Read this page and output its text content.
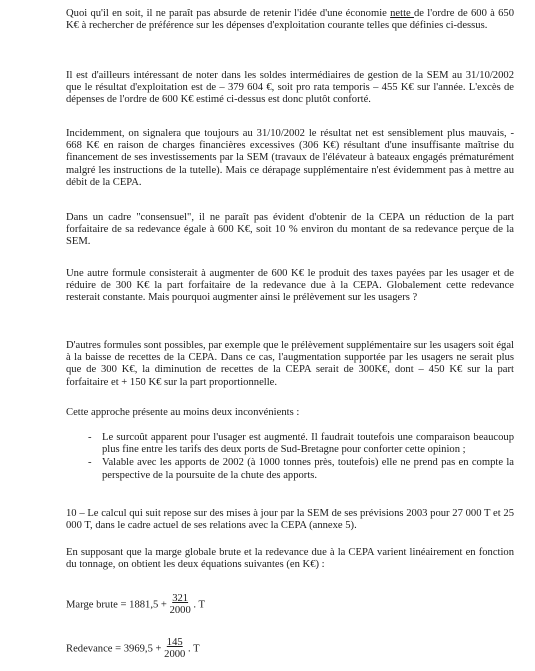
Quoi qu'il en soit, il ne paraît pas absurde de retenir l'idée d'une économie nette de l'ordre de 600 à 650 K€ à rechercher de préférence sur les dépenses d'exploitation courante telles que définies ci-dessus.

Il est d'ailleurs intéressant de noter dans les soldes intermédiaires de gestion de la SEM au 31/10/2002 que le résultat d'exploitation est de – 379 604 €, soit pro rata temporis – 455 K€ sur l'année. L'excès de dépenses de l'ordre de 600 K€ estimé ci-dessus est donc plutôt conforté.

Incidemment, on signalera que toujours au 31/10/2002 le résultat net est sensiblement plus mauvais, - 668 K€ en raison de charges financières excessives (306 K€) résultant d'une insuffisante maîtrise du financement de ses investissements par la SEM (travaux de l'élévateur à bateaux engagés prématurément malgré les instructions de la tutelle). Mais ce dérapage supplémentaire n'est évidemment pas à mettre au débit de la CEPA.

Dans un cadre "consensuel", il ne paraît pas évident d'obtenir de la CEPA un réduction de la part forfaitaire de sa redevance égale à 600 K€, soit 10 % environ du montant de sa redevance perçue de la SEM.

Une autre formule consisterait à augmenter de 600 K€ le produit des taxes payées par les usager et de réduire de 300 K€ la part forfaitaire de la redevance due à la CEPA. Globalement cette redevance resterait constante. Mais pourquoi augmenter ainsi le prélèvement sur les usagers ?

D'autres formules sont possibles, par exemple que le prélèvement supplémentaire sur les usagers soit égal à la baisse de recettes de la CEPA. Dans ce cas, l'augmentation supportée par les usagers ne serait plus que de 300 K€, la diminution de recettes de la CEPA serait de 300K€, dont – 450 K€ sur la part forfaitaire et + 150 K€ sur la part proportionnelle.

Cette approche présente au moins deux inconvénients :

- Le surcoût apparent pour l'usager est augmenté. Il faudrait toutefois une comparaison beaucoup plus fine entre les tarifs des deux ports de Sud-Bretagne pour conforter cette opinion ;
- Valable avec les apports de 2002 (à 1000 tonnes près, toutefois) elle ne prend pas en compte la perspective de la poursuite de la chute des apports.

10 – Le calcul qui suit repose sur des mises à jour par la SEM de ses prévisions 2003 pour 27 000 T et 25 000 T, dans le cadre actuel de ses relations avec la CEPA (annexe 5).

En supposant que la marge globale brute et la redevance due à la CEPA varient linéairement en fonction du tonnage, on obtient les deux équations suivantes (en K€) :

Marge brute = $1881,5 + \frac{321}{2000}$ . T
Redevance = $3969,5 + \frac{145}{2000}$ . T
